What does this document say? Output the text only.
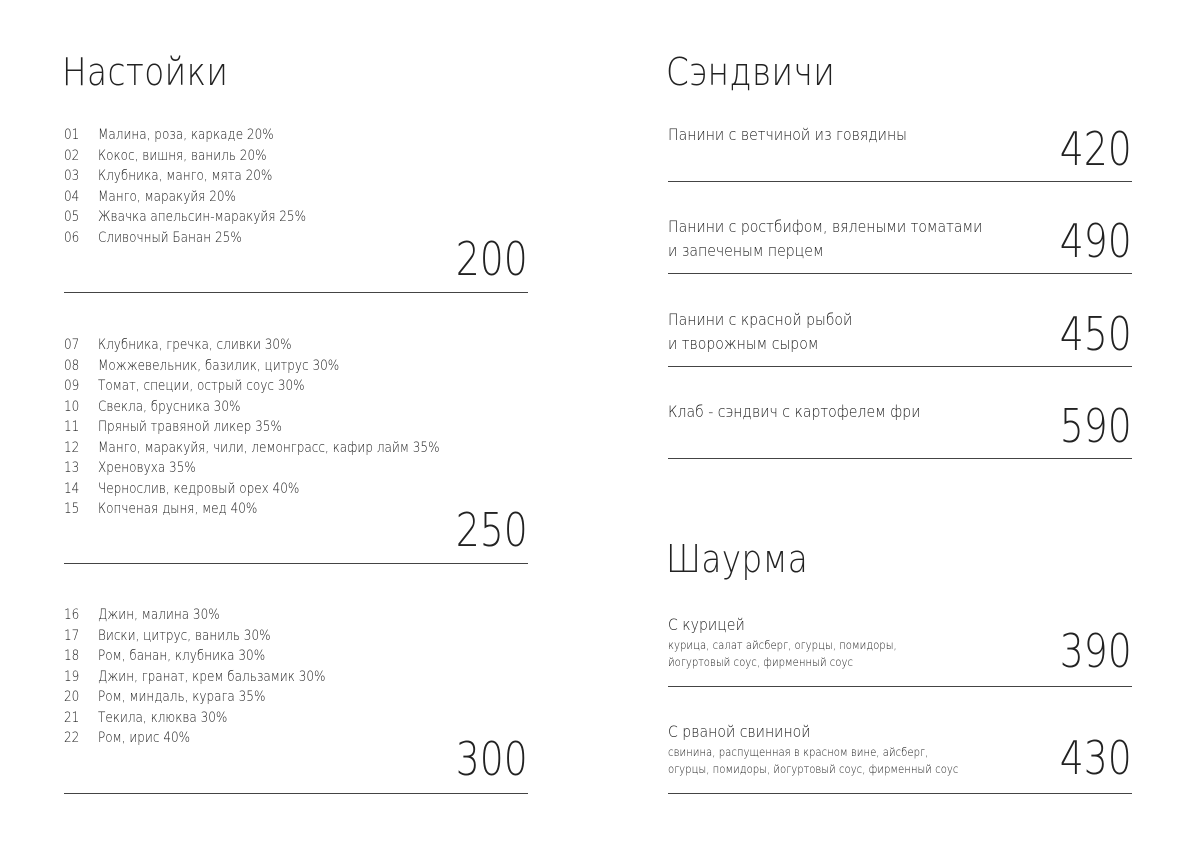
Настойки
01	Малина, роза, каркаде 20%
02	Кокос, вишня, ваниль 20%
03	Клубника, манго, мята 20%
04	Манго, маракуйя 20%
05	Жвачка апельсин-маракуйя 25%
06	Сливочный Банан 25%	200
07	Клубника, гречка, сливки 30%
08	Можжевельник, базилик, цитрус 30%
09	Томат, специи, острый соус 30%
10	Свекла, брусника 30%
11	Пряный травяной ликер 35%
12	Манго, маракуйя, чили, лемонграсс, кафир лайм 35%
13	Хреновуха 35%
14	Чернослив, кедровый орех 40%
15	Копченая дыня, мед 40%	250
16	Джин, малина 30%
17	Виски, цитрус, ваниль 30%
18	Ром, банан, клубника 30%
19	Джин, гранат, крем бальзамик 30%
20	Ром, миндаль, курага 35%
21	Текила, клюква 30%
22	Ром, ирис 40%	300
Сэндвичи
Панини с ветчиной из говядины	420
Панини с ростбифом, вялеными томатами
и запеченым перцем	490
Панини с красной рыбой
и творожным сыром	450
Клаб - сэндвич с картофелем фри	590
Шаурма
С курицей
курица, салат айсберг, огурцы, помидоры,
йогуртовый соус, фирменный соус	390
С рваной свининой
свинина, распущенная в красном вине, айсберг,
огурцы, помидоры, йогуртовый соус, фирменный соус	430
